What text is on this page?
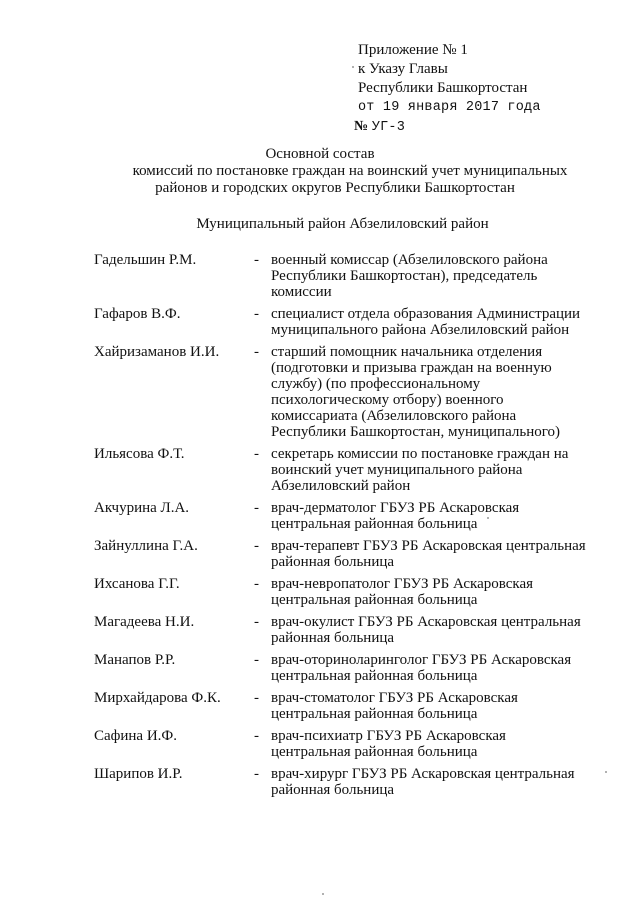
Приложение № 1
к Указу Главы
Республики Башкортостан
от 19 января 2017 года
№ УГ-3
Основной состав
комиссий по постановке граждан на воинский учет муниципальных
районов и городских округов Республики Башкортостан
Муниципальный район Абзелиловский район
Гадельшин Р.М.	- военный комиссар (Абзелиловского района
Республики Башкортостан), председатель
комиссии
Гафаров В.Ф.	- специалист отдела образования Администрации
муниципального района Абзелиловский район
Хайризаманов И.И.	- старший помощник начальника отделения
(подготовки и призыва граждан на военную
службу) (по профессиональному
психологическому отбору) военного
комиссариата (Абзелиловского района
Республики Башкортостан, муниципального)
Ильясова Ф.Т.	- секретарь комиссии по постановке граждан на
воинский учет муниципального района
Абзелиловский район
Акчурина Л.А.	- врач-дерматолог ГБУЗ РБ Аскаровская
центральная районная больница
Зайнуллина Г.А.	- врач-терапевт ГБУЗ РБ Аскаровская центральная
районная больница
Ихсанова Г.Г.	- врач-невропатолог ГБУЗ РБ Аскаровская
центральная районная больница
Магадеева Н.И.	- врач-окулист ГБУЗ РБ Аскаровская центральная
районная больница
Манапов Р.Р.	- врач-оториноларинголог ГБУЗ РБ Аскаровская
центральная районная больница
Мирхайдарова Ф.К.	- врач-стоматолог ГБУЗ РБ Аскаровская
центральная районная больница
Сафина И.Ф.	- врач-психиатр ГБУЗ РБ Аскаровская
центральная районная больница
Шарипов И.Р.	- врач-хирург ГБУЗ РБ Аскаровская центральная
районная больница
